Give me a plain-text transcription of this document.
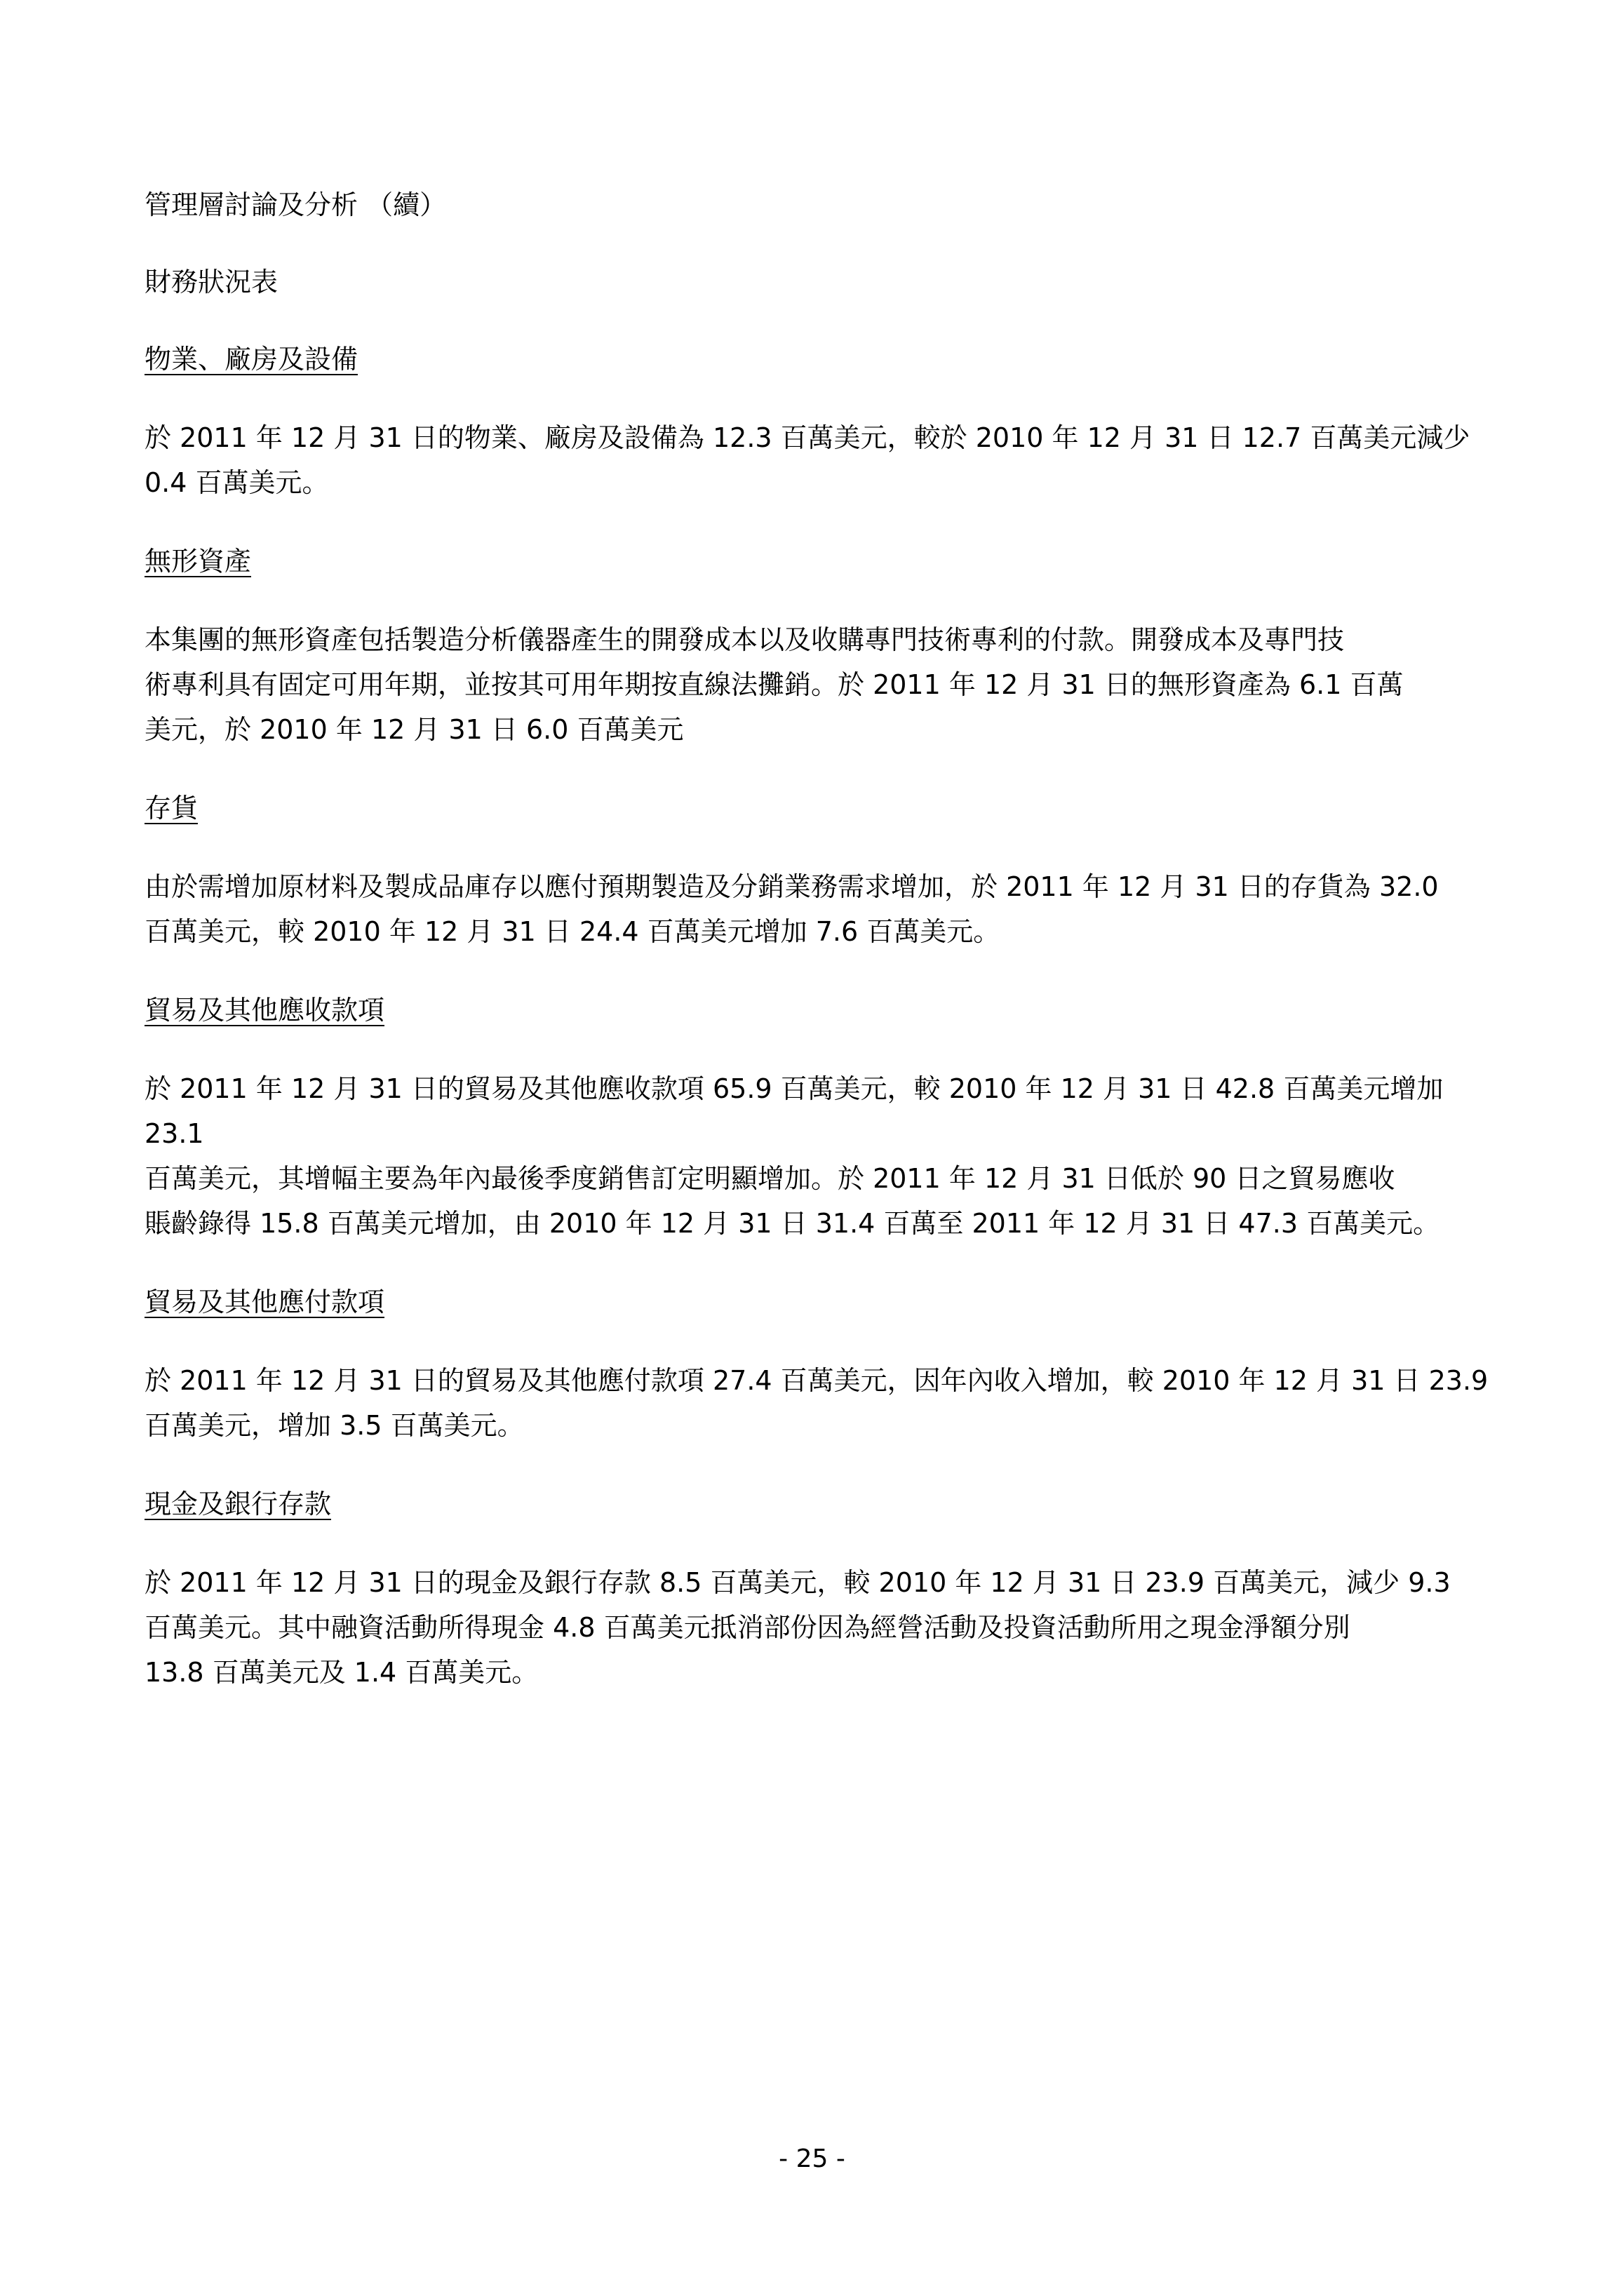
管理層討論及分析 （續）
財務狀況表
物業、廠房及設備
於 2011 年 12 月 31 日的物業、廠房及設備為 12.3 百萬美元，較於 2010 年 12 月 31 日 12.7 百萬美元減少
0.4 百萬美元。
無形資產
本集團的無形資產包括製造分析儀器產生的開發成本以及收購專門技術專利的付款。開發成本及專門技
術專利具有固定可用年期，並按其可用年期按直線法攤銷。於 2011 年 12 月 31 日的無形資產為 6.1 百萬
美元，於 2010 年 12 月 31 日 6.0 百萬美元
存貨
由於需增加原材料及製成品庫存以應付預期製造及分銷業務需求增加，於 2011 年 12 月 31 日的存貨為 32.0
百萬美元，較 2010 年 12 月 31 日 24.4 百萬美元增加 7.6 百萬美元。
貿易及其他應收款項
於 2011 年 12 月 31 日的貿易及其他應收款項 65.9 百萬美元，較 2010 年 12 月 31 日 42.8 百萬美元增加 23.1
百萬美元，其增幅主要為年內最後季度銷售訂定明顯增加。於 2011 年 12 月 31 日低於 90 日之貿易應收
賬齡錄得 15.8 百萬美元增加，由 2010 年 12 月 31 日 31.4 百萬至 2011 年 12 月 31 日 47.3 百萬美元。
貿易及其他應付款項
於 2011 年 12 月 31 日的貿易及其他應付款項 27.4 百萬美元，因年內收入增加，較 2010 年 12 月 31 日 23.9
百萬美元，增加 3.5 百萬美元。
現金及銀行存款
於 2011 年 12 月 31 日的現金及銀行存款 8.5 百萬美元，較 2010 年 12 月 31 日 23.9 百萬美元，減少 9.3
百萬美元。其中融資活動所得現金 4.8 百萬美元抵消部份因為經營活動及投資活動所用之現金淨額分別
13.8 百萬美元及 1.4 百萬美元。
- 25 -
